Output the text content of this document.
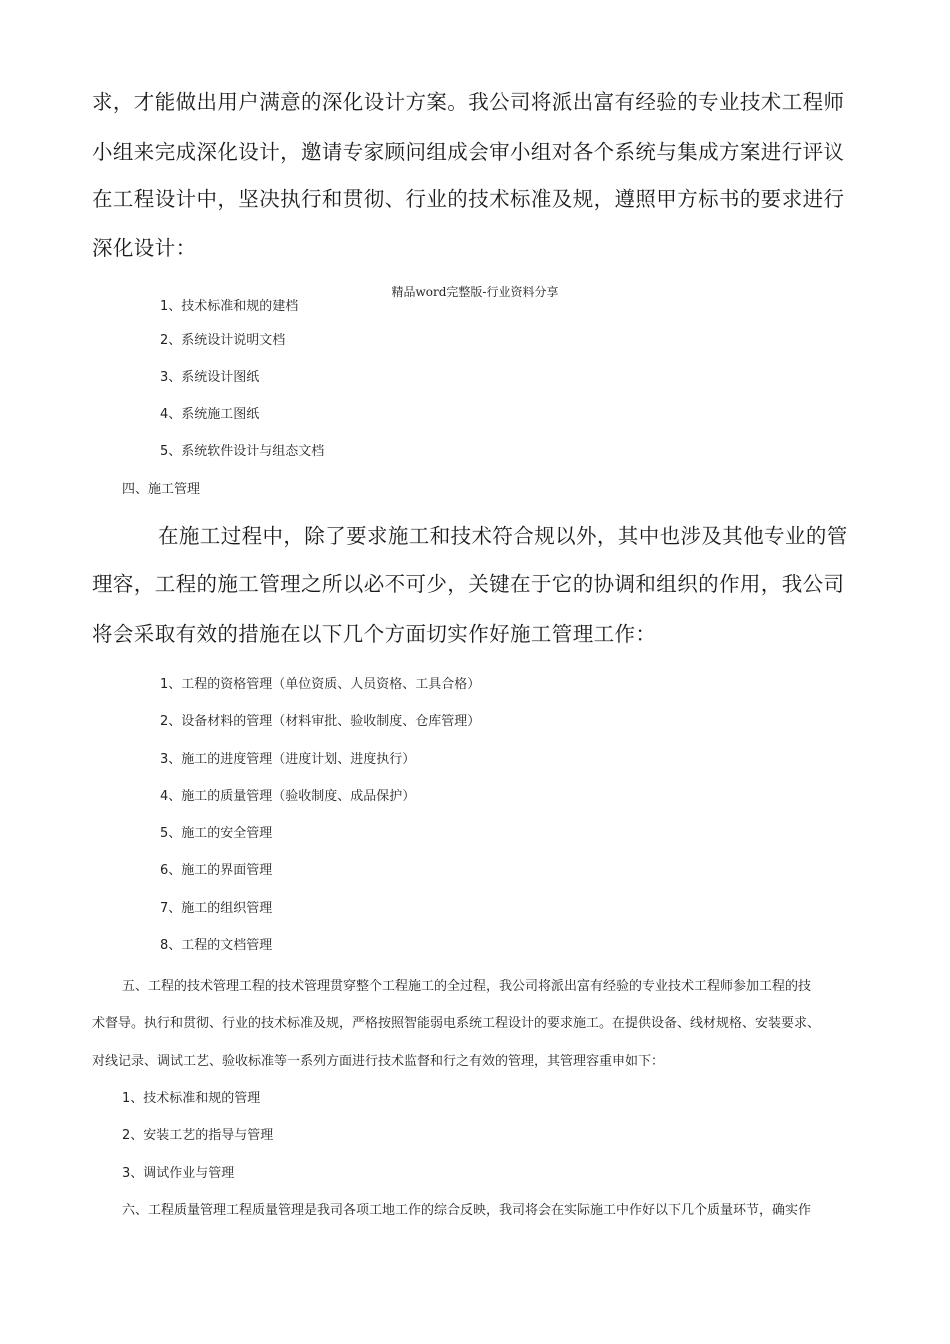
求，才能做出用户满意的深化设计方案。我公司将派出富有经验的专业技术工程师
小组来完成深化设计，邀请专家顾问组成会审小组对各个系统与集成方案进行评议
在工程设计中，坚决执行和贯彻、行业的技术标准及规，遵照甲方标书的要求进行
深化设计：
精品word完整版-行业资料分享
1、技术标准和规的建档
2、系统设计说明文档
3、系统设计图纸
4、系统施工图纸
5、系统软件设计与组态文档
四、施工管理
在施工过程中，除了要求施工和技术符合规以外，其中也涉及其他专业的管
理容，工程的施工管理之所以必不可少，关键在于它的协调和组织的作用，我公司
将会采取有效的措施在以下几个方面切实作好施工管理工作：
1、工程的资格管理（单位资质、人员资格、工具合格）
2、设备材料的管理（材料审批、验收制度、仓库管理）
3、施工的进度管理（进度计划、进度执行）
4、施工的质量管理（验收制度、成品保护）
5、施工的安全管理
6、施工的界面管理
7、施工的组织管理
8、工程的文档管理
五、工程的技术管理工程的技术管理贯穿整个工程施工的全过程，我公司将派出富有经验的专业技术工程师参加工程的技
术督导。执行和贯彻、行业的技术标准及规，严格按照智能弱电系统工程设计的要求施工。在提供设备、线材规格、安装要求、
对线记录、调试工艺、验收标准等一系列方面进行技术监督和行之有效的管理，其管理容重申如下：
1、技术标准和规的管理
2、安装工艺的指导与管理
3、调试作业与管理
六、工程质量管理工程质量管理是我司各项工地工作的综合反映，我司将会在实际施工中作好以下几个质量环节，确实作
